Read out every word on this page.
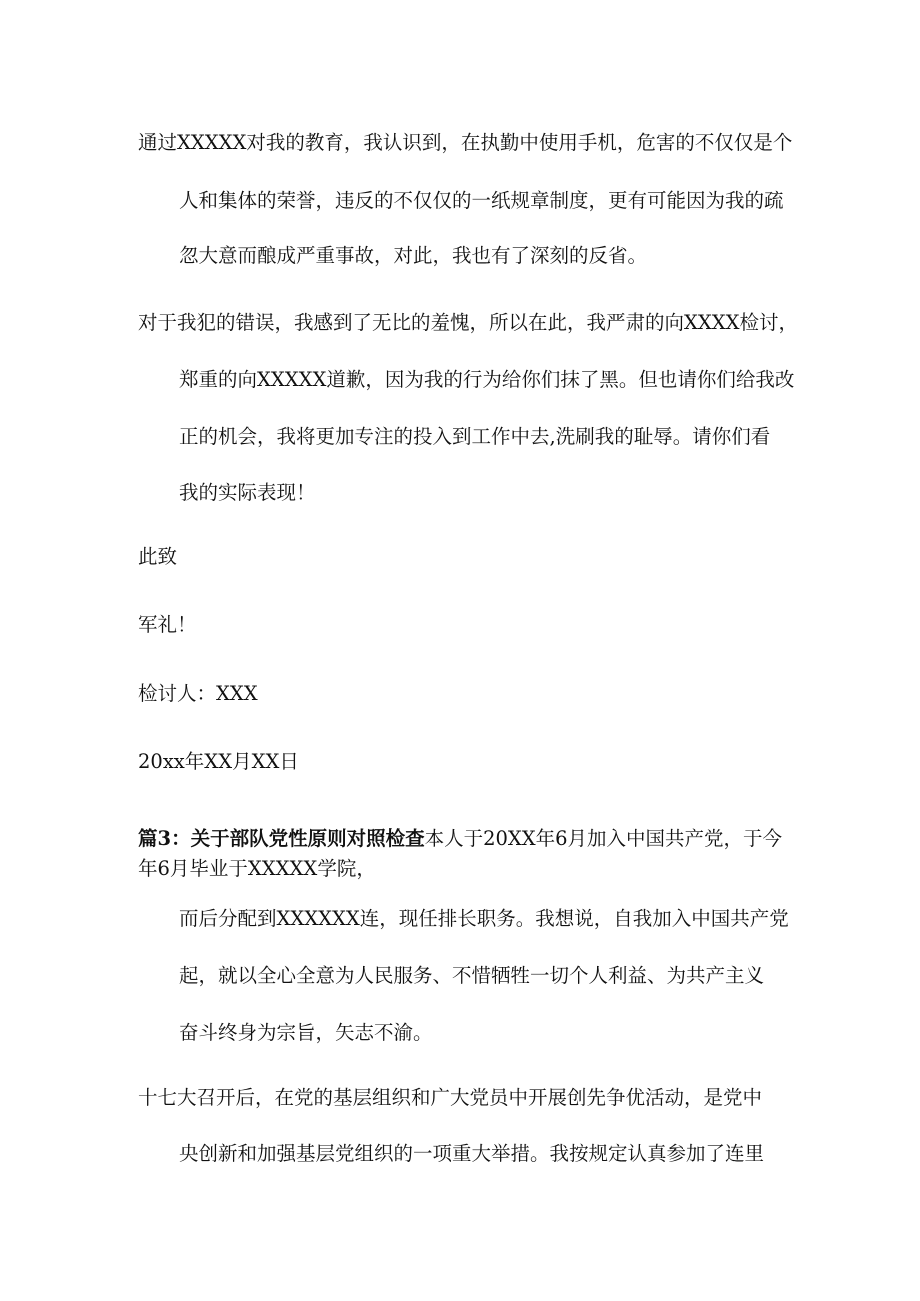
通过XXXXX对我的教育，我认识到，在执勤中使用手机，危害的不仅仅是个
人和集体的荣誉，违反的不仅仅的一纸规章制度，更有可能因为我的疏
忽大意而酿成严重事故，对此，我也有了深刻的反省。
对于我犯的错误，我感到了无比的羞愧，所以在此，我严肃的向XXXX检讨，
郑重的向XXXXX道歉，因为我的行为给你们抹了黑。但也请你们给我改
正的机会，我将更加专注的投入到工作中去,洗刷我的耻辱。请你们看
我的实际表现！
此致
军礼！
检讨人：XXX
20xx年XX月XX日
篇3：关于部队党性原则对照检查本人于20XX年6月加入中国共产党，于今
年6月毕业于XXXXX学院，
而后分配到XXXXXX连，现任排长职务。我想说，自我加入中国共产党
起，就以全心全意为人民服务、不惜牺牲一切个人利益、为共产主义
奋斗终身为宗旨，矢志不渝。
十七大召开后，在党的基层组织和广大党员中开展创先争优活动，是党中
央创新和加强基层党组织的一项重大举措。我按规定认真参加了连里
